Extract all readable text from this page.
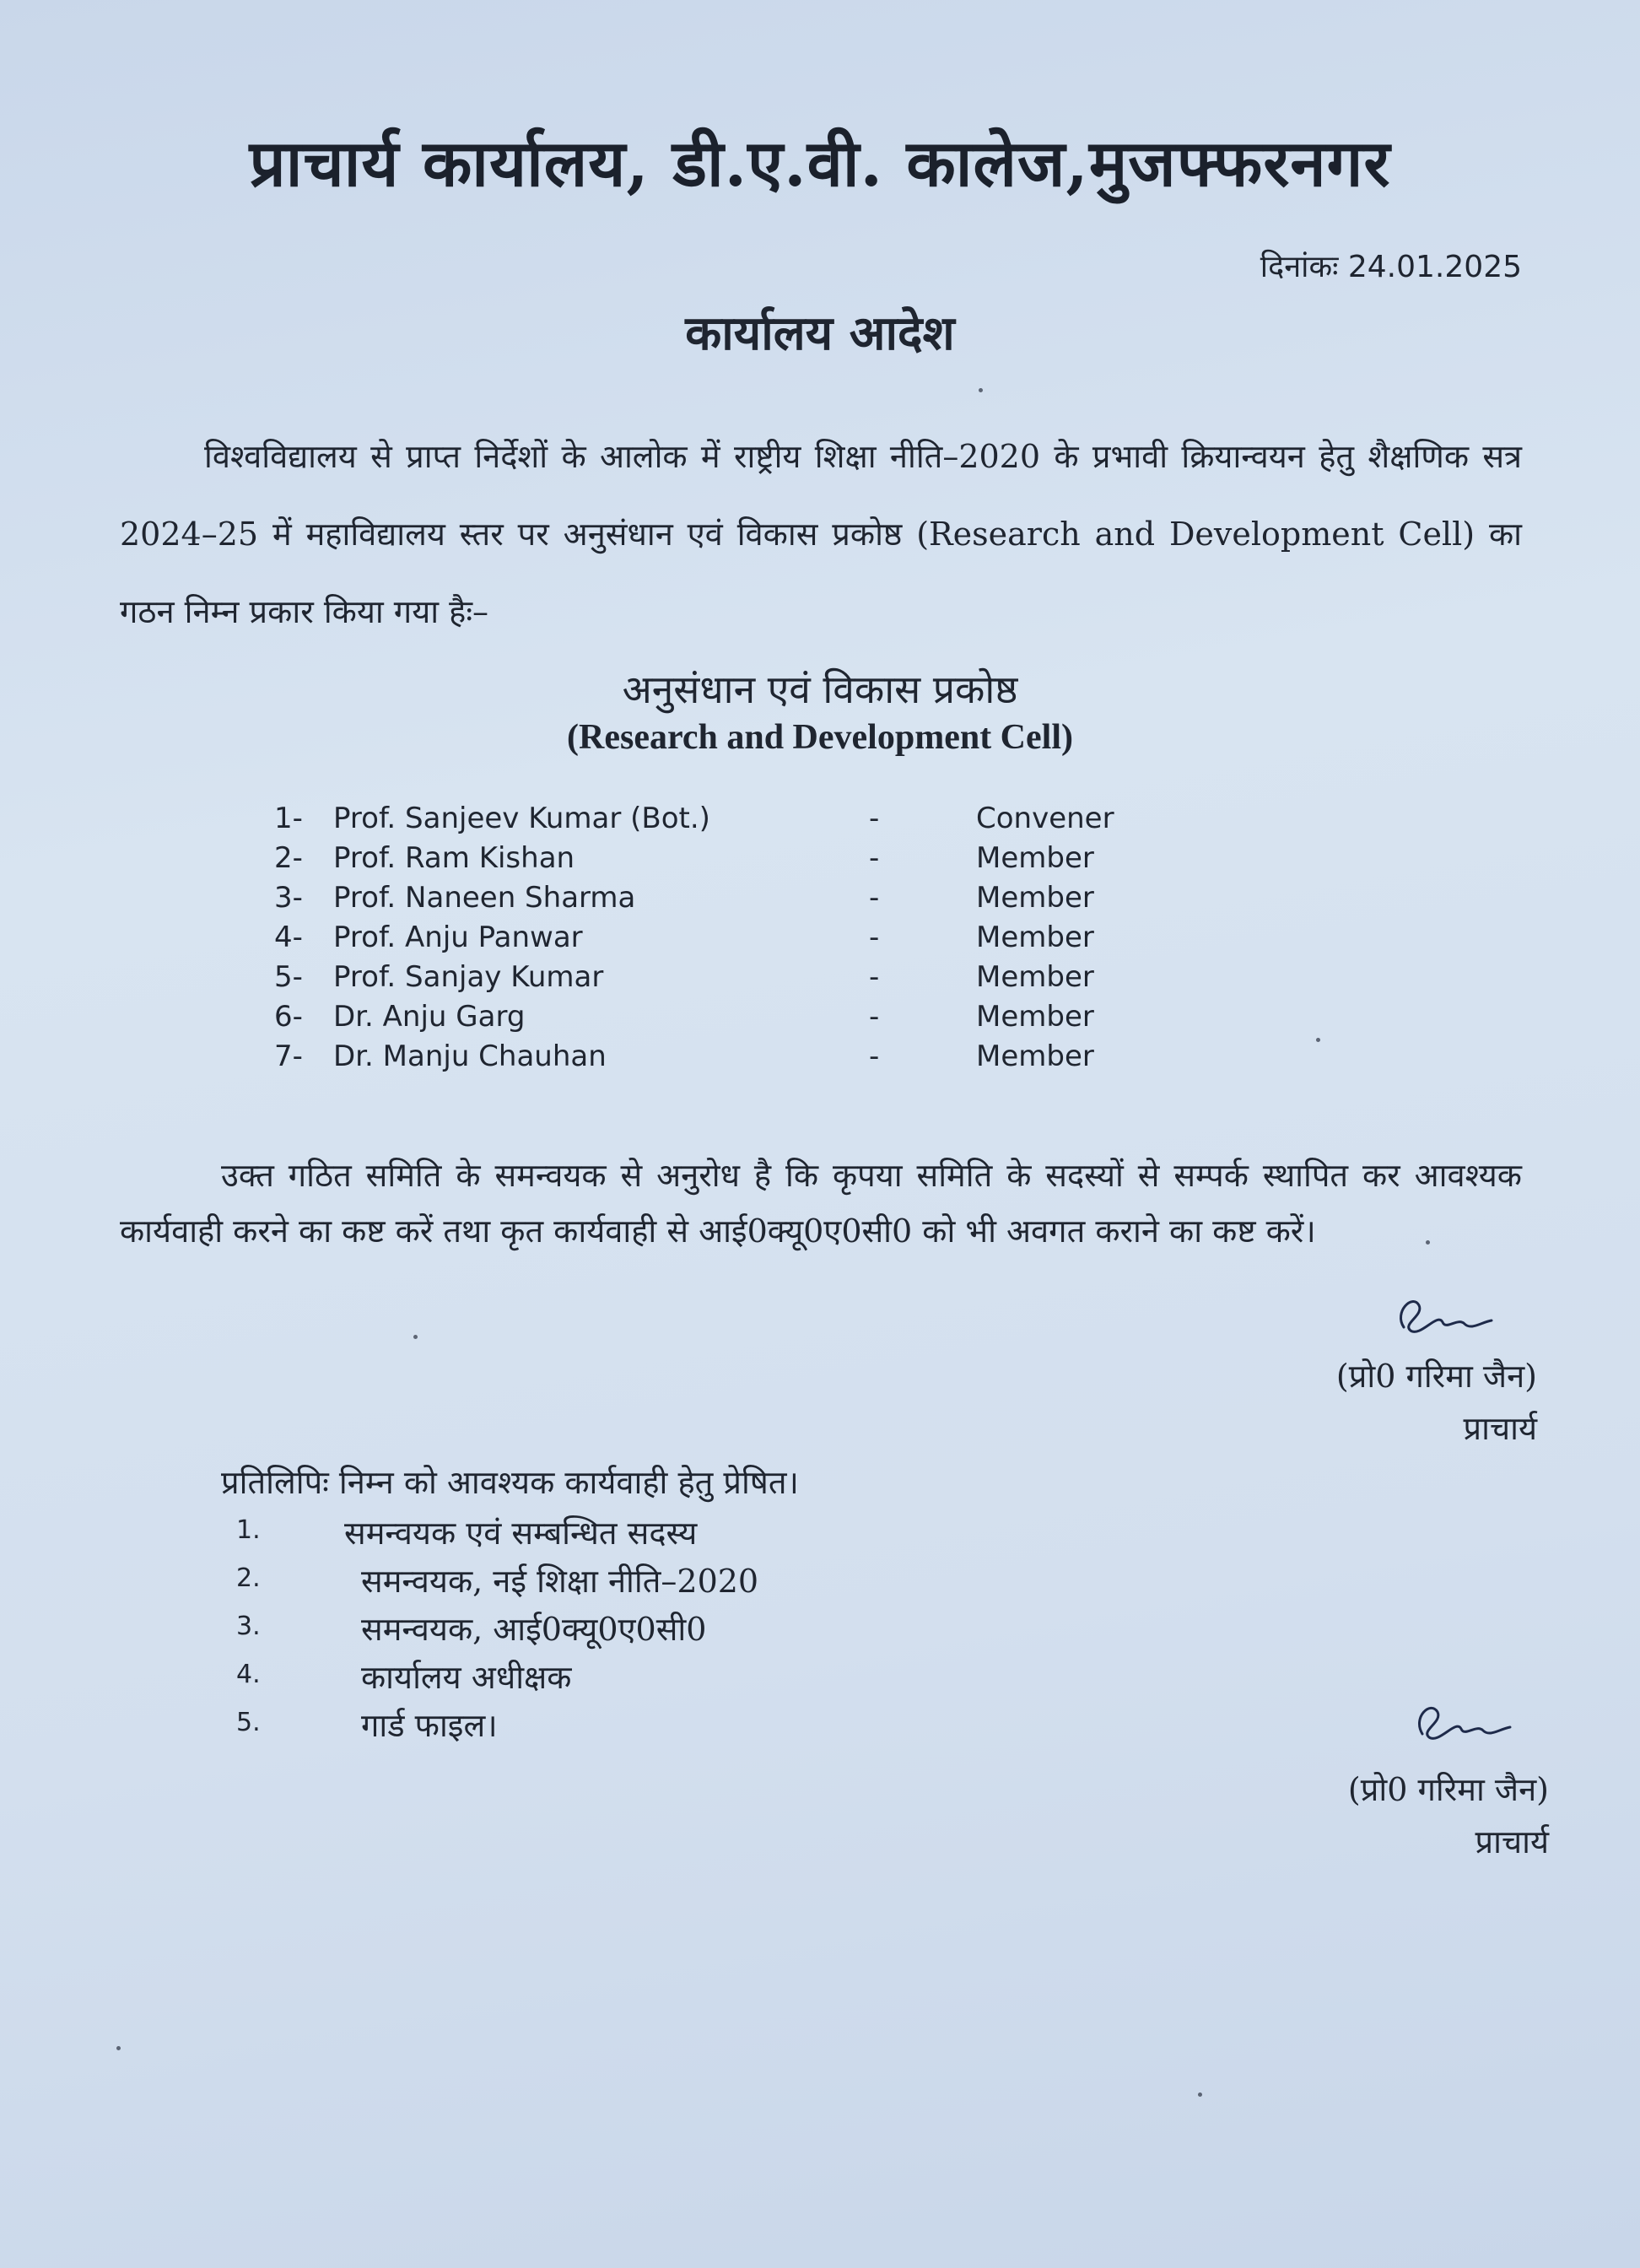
प्राचार्य कार्यालय, डी.ए.वी. कालेज,मुजफ्फरनगर
दिनांकः 24.01.2025
कार्यालय आदेश
विश्वविद्यालय से प्राप्त निर्देशों के आलोक में राष्ट्रीय शिक्षा नीति–2020 के प्रभावी क्रियान्वयन हेतु शैक्षणिक सत्र 2024–25 में महाविद्यालय स्तर पर अनुसंधान एवं विकास प्रकोष्ठ (Research and Development Cell) का गठन निम्न प्रकार किया गया हैः–
अनुसंधान एवं विकास प्रकोष्ठ
(Research and Development Cell)
1- Prof. Sanjeev Kumar (Bot.)	-	Convener
2- Prof. Ram Kishan	-	Member
3- Prof. Naneen Sharma	-	Member
4- Prof. Anju Panwar	-	Member
5- Prof. Sanjay Kumar	-	Member
6- Dr. Anju Garg	-	Member
7- Dr. Manju Chauhan	-	Member
उक्त गठित समिति के समन्वयक से अनुरोध है कि कृपया समिति के सदस्यों से सम्पर्क स्थापित कर आवश्यक कार्यवाही करने का कष्ट करें तथा कृत कार्यवाही से आई0क्यू0ए0सी0 को भी अवगत कराने का कष्ट करें।
(प्रो0 गरिमा जैन)
प्राचार्य
प्रतिलिपिः निम्न को आवश्यक कार्यवाही हेतु प्रेषित।
1.	समन्वयक एवं सम्बन्धित सदस्य
2.	समन्वयक, नई शिक्षा नीति–2020
3.	समन्वयक, आई0क्यू0ए0सी0
4.	कार्यालय अधीक्षक
5.	गार्ड फाइल।
(प्रो0 गरिमा जैन)
प्राचार्य
